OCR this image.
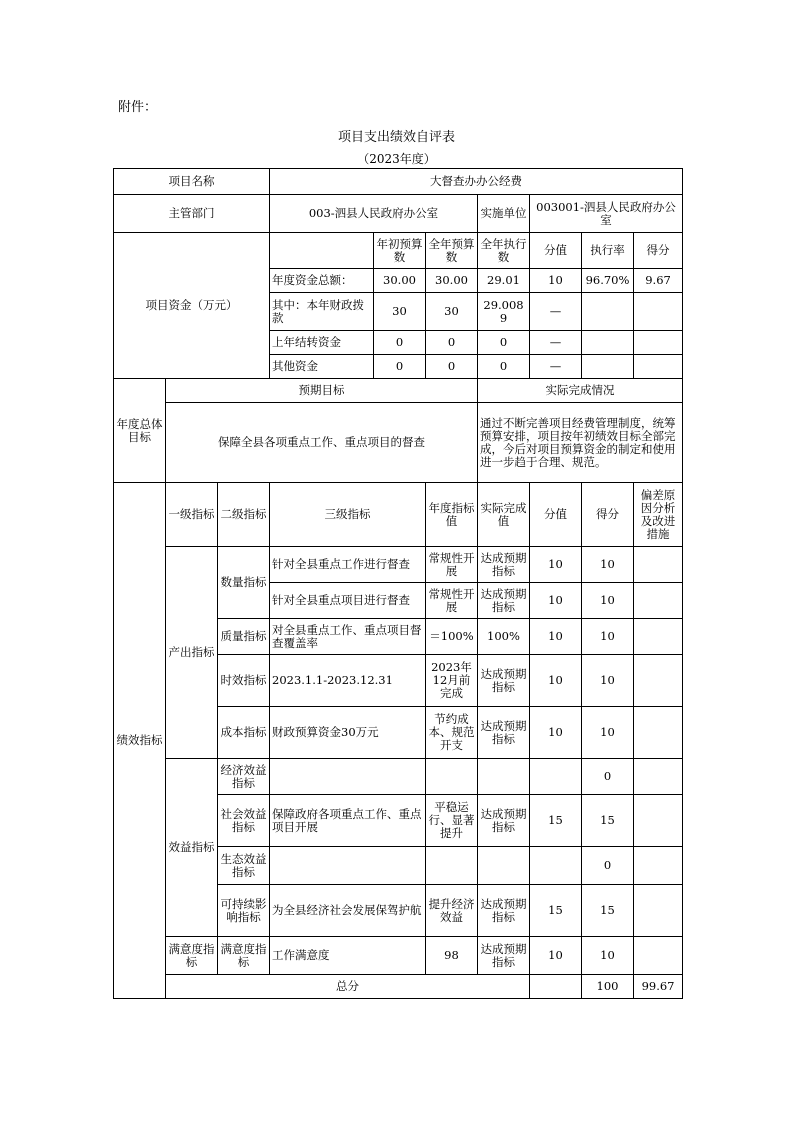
附件：
项目支出绩效自评表
（2023年度）
项目名称			大督查办办公经费							
主管部门			003-泗县人民政府办公室			实施单位	003001-泗县人民政府办公室			
项目资金（万元）				年初预算数	全年预算数	全年执行数	分值	执行率	得分	
			年度资金总额：	30.00	30.00	29.01	10	96.70%	9.67	
			其中：本年财政拨款	30	30	29.0089	—			
			上年结转资金	0	0	0	—			
			其他资金	0	0	0	—			
年度总体目标	预期目标					实际完成情况				
	保障全县各项重点工作、重点项目的督查					通过不断完善项目经费管理制度，统筹预算安排，项目按年初绩效目标全部完成，今后对项目预算资金的制定和使用进一步趋于合理、规范。				
绩效指标	一级指标	二级指标	三级指标		年度指标值	实际完成值	分值	得分	偏差原因分析及改进措施	
	产出指标	数量指标	针对全县重点工作进行督查		常规性开展	达成预期指标	10	10		
			针对全县重点项目进行督查		常规性开展	达成预期指标	10	10		
		质量指标	对全县重点工作、重点项目督查覆盖率		＝100%	100%	10	10		
		时效指标	2023.1.1-2023.12.31		2023年12月前完成	达成预期指标	10	10		
		成本指标	财政预算资金30万元		节约成本、规范开支	达成预期指标	10	10		
	效益指标	经济效益指标						0		
		社会效益指标	保障政府各项重点工作、重点项目开展		平稳运行、显著提升	达成预期指标	15	15		
		生态效益指标						0		
		可持续影响指标	为全县经济社会发展保驾护航		提升经济效益	达成预期指标	15	15		
	满意度指标	满意度指标	工作满意度		98	达成预期指标	10	10		
	总分							100	99.67	
